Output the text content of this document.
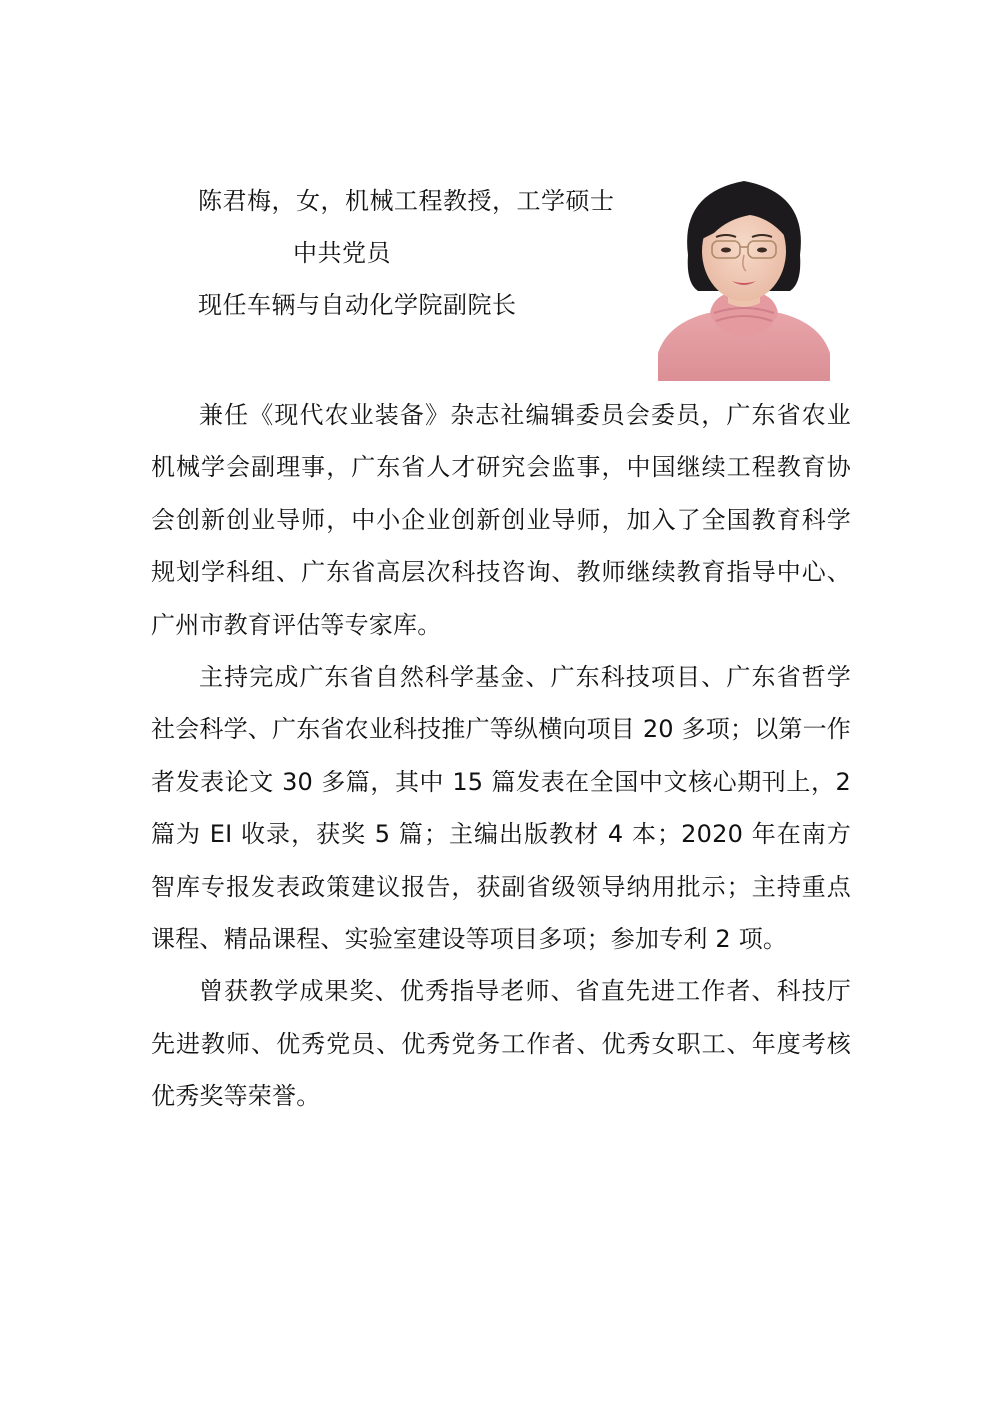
陈君梅，女，机械工程教授，工学硕士
中共党员
现任车辆与自动化学院副院长

兼任《现代农业装备》杂志社编辑委员会委员，广东省农业机械学会副理事，广东省人才研究会监事，中国继续工程教育协会创新创业导师，中小企业创新创业导师，加入了全国教育科学规划学科组、广东省高层次科技咨询、教师继续教育指导中心、广州市教育评估等专家库。

主持完成广东省自然科学基金、广东科技项目、广东省哲学社会科学、广东省农业科技推广等纵横向项目 20 多项；以第一作者发表论文 30 多篇，其中 15 篇发表在全国中文核心期刊上，2 篇为 EI 收录，获奖 5 篇；主编出版教材 4 本；2020 年在南方智库专报发表政策建议报告，获副省级领导纳用批示；主持重点课程、精品课程、实验室建设等项目多项；参加专利 2 项。

曾获教学成果奖、优秀指导老师、省直先进工作者、科技厅先进教师、优秀党员、优秀党务工作者、优秀女职工、年度考核优秀奖等荣誉。
